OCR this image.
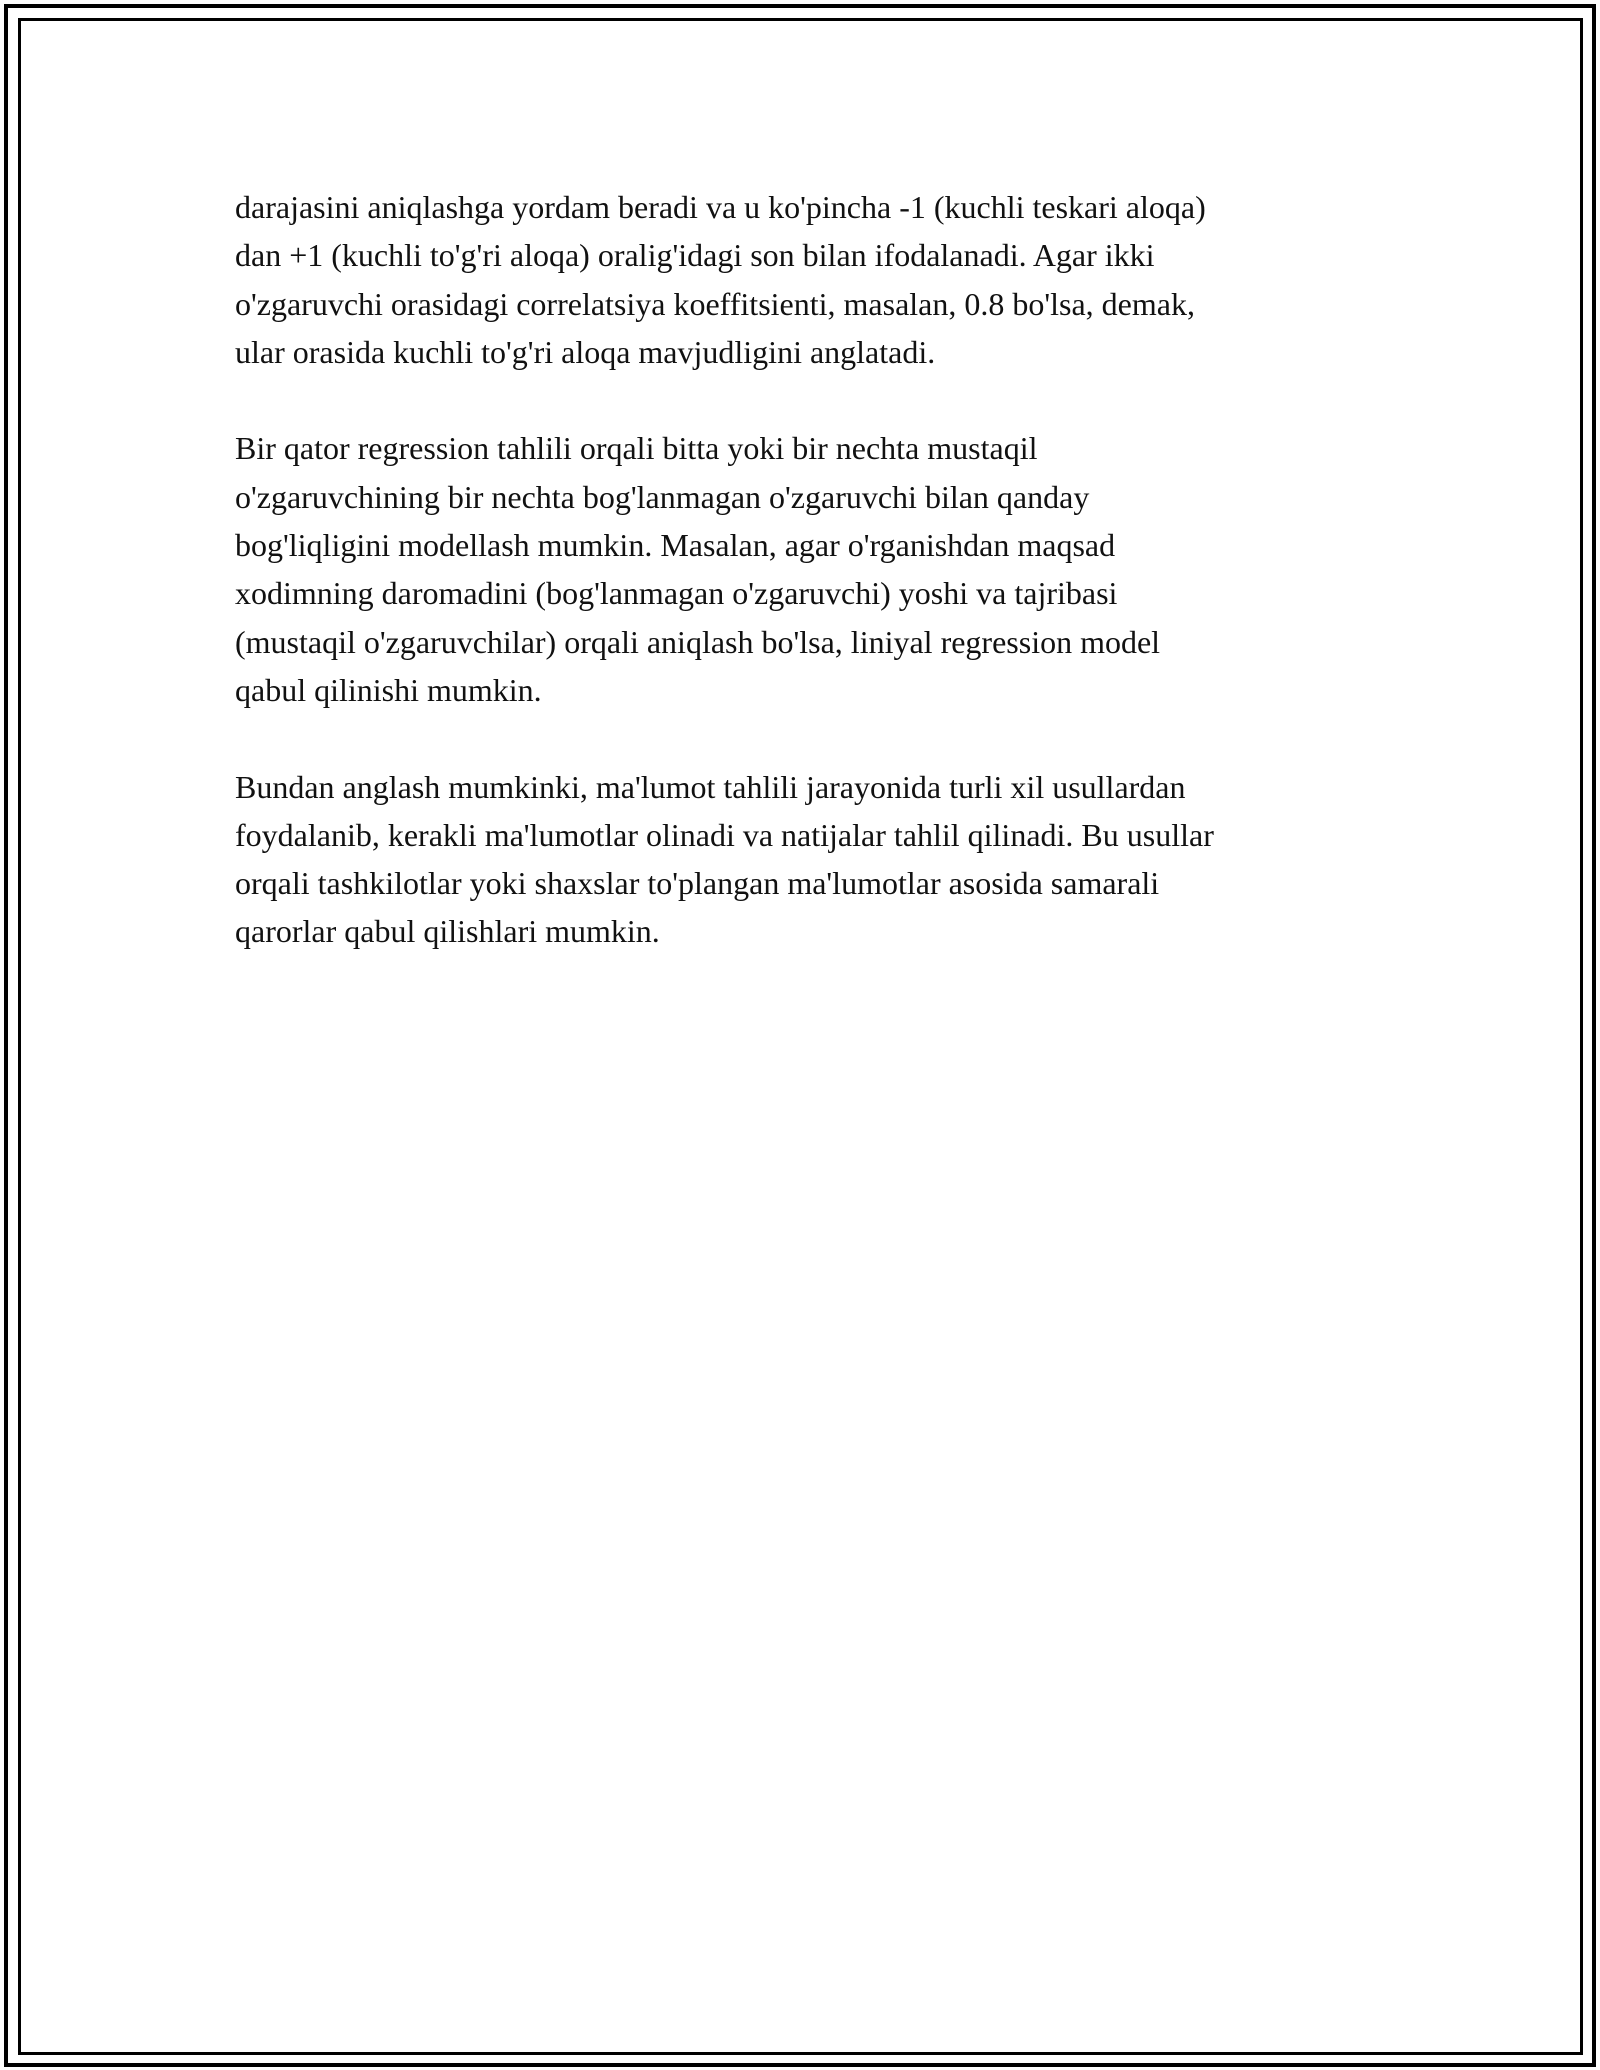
darajasini aniqlashga yordam beradi va u ko'pincha -1 (kuchli teskari aloqa)
dan +1 (kuchli to'g'ri aloqa) oralig'idagi son bilan ifodalanadi. Agar ikki
o'zgaruvchi orasidagi correlatsiya koeffitsienti, masalan, 0.8 bo'lsa, demak,
ular orasida kuchli to'g'ri aloqa mavjudligini anglatadi.

Bir qator regression tahlili orqali bitta yoki bir nechta mustaqil
o'zgaruvchining bir nechta bog'lanmagan o'zgaruvchi bilan qanday
bog'liqligini modellash mumkin. Masalan, agar o'rganishdan maqsad
xodimning daromadini (bog'lanmagan o'zgaruvchi) yoshi va tajribasi
(mustaqil o'zgaruvchilar) orqali aniqlash bo'lsa, liniyal regression model
qabul qilinishi mumkin.

Bundan anglash mumkinki, ma'lumot tahlili jarayonida turli xil usullardan
foydalanib, kerakli ma'lumotlar olinadi va natijalar tahlil qilinadi. Bu usullar
orqali tashkilotlar yoki shaxslar to'plangan ma'lumotlar asosida samarali
qarorlar qabul qilishlari mumkin.
